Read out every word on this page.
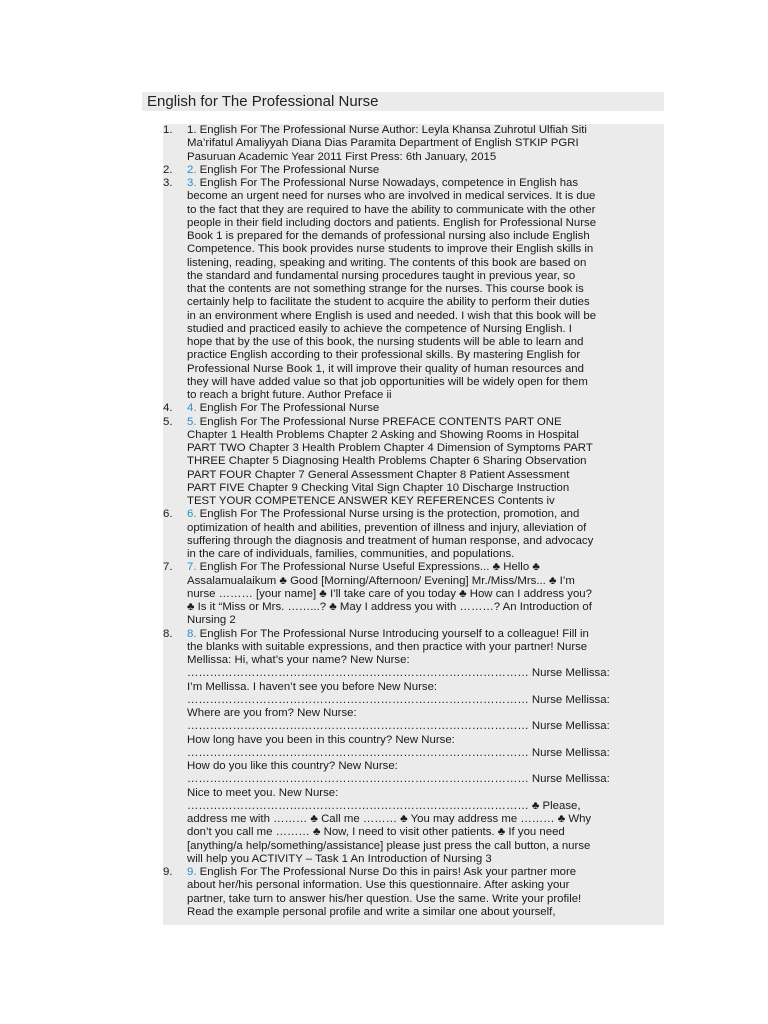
English for The Professional Nurse
1.	1. English For The Professional Nurse Author: Leyla Khansa Zuhrotul Ulfiah Siti
Ma’rifatul Amaliyyah Diana Dias Paramita Department of English STKIP PGRI
Pasuruan Academic Year 2011 First Press: 6th January, 2015
2.	2. English For The Professional Nurse
3.	3. English For The Professional Nurse Nowadays, competence in English has
become an urgent need for nurses who are involved in medical services. It is due
to the fact that they are required to have the ability to communicate with the other
people in their field including doctors and patients. English for Professional Nurse
Book 1 is prepared for the demands of professional nursing also include English
Competence. This book provides nurse students to improve their English skills in
listening, reading, speaking and writing. The contents of this book are based on
the standard and fundamental nursing procedures taught in previous year, so
that the contents are not something strange for the nurses. This course book is
certainly help to facilitate the student to acquire the ability to perform their duties
in an environment where English is used and needed. I wish that this book will be
studied and practiced easily to achieve the competence of Nursing English. I
hope that by the use of this book, the nursing students will be able to learn and
practice English according to their professional skills. By mastering English for
Professional Nurse Book 1, it will improve their quality of human resources and
they will have added value so that job opportunities will be widely open for them
to reach a bright future. Author Preface ii
4.	4. English For The Professional Nurse
5.	5. English For The Professional Nurse PREFACE CONTENTS PART ONE
Chapter 1 Health Problems Chapter 2 Asking and Showing Rooms in Hospital
PART TWO Chapter 3 Health Problem Chapter 4 Dimension of Symptoms PART
THREE Chapter 5 Diagnosing Health Problems Chapter 6 Sharing Observation
PART FOUR Chapter 7 General Assessment Chapter 8 Patient Assessment
PART FIVE Chapter 9 Checking Vital Sign Chapter 10 Discharge Instruction
TEST YOUR COMPETENCE ANSWER KEY REFERENCES Contents iv
6.	6. English For The Professional Nurse ursing is the protection, promotion, and
optimization of health and abilities, prevention of illness and injury, alleviation of
suffering through the diagnosis and treatment of human response, and advocacy
in the care of individuals, families, communities, and populations.
7.	7. English For The Professional Nurse Useful Expressions... ♣ Hello ♣
Assalamualaikum ♣ Good [Morning/Afternoon/ Evening] Mr./Miss/Mrs... ♣ I’m
nurse ……… [your name] ♣ I’ll take care of you today ♣ How can I address you?
♣ Is it “Miss or Mrs. ……...? ♣ May I address you with ………? An Introduction of
Nursing 2
8.	8. English For The Professional Nurse Introducing yourself to a colleague! Fill in
the blanks with suitable expressions, and then practice with your partner! Nurse
Mellissa: Hi, what’s your name? New Nurse:
……………………………………………………………………………… Nurse Mellissa:
I’m Mellissa. I haven’t see you before New Nurse:
……………………………………………………………………………… Nurse Mellissa:
Where are you from? New Nurse:
……………………………………………………………………………… Nurse Mellissa:
How long have you been in this country? New Nurse:
……………………………………………………………………………… Nurse Mellissa:
How do you like this country? New Nurse:
……………………………………………………………………………… Nurse Mellissa:
Nice to meet you. New Nurse:
……………………………………………………………………………… ♣ Please,
address me with ……… ♣ Call me ……… ♣ You may address me ……… ♣ Why
don’t you call me ……… ♣ Now, I need to visit other patients. ♣ If you need
[anything/a help/something/assistance] please just press the call button, a nurse
will help you ACTIVITY – Task 1 An Introduction of Nursing 3
9.	9. English For The Professional Nurse Do this in pairs! Ask your partner more
about her/his personal information. Use this questionnaire. After asking your
partner, take turn to answer his/her question. Use the same. Write your profile!
Read the example personal profile and write a similar one about yourself,
